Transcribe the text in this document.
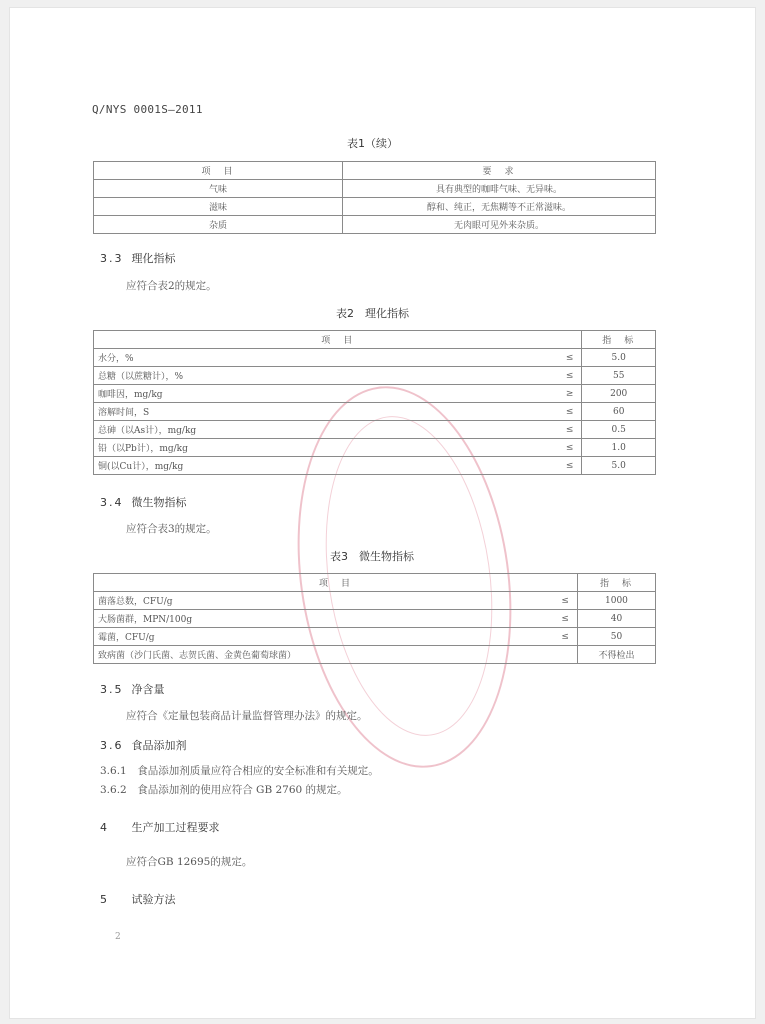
Q/NYS 0001S—2011
表1（续）
项　目	要　求
气味	具有典型的咖啡气味、无异味。
滋味	醇和、纯正，无焦糊等不正常滋味。
杂质	无肉眼可见外来杂质。
3.3 理化指标
应符合表2的规定。
表2　理化指标
项　目		指　标
水分，%	≤	5.0
总糖（以蔗糖计），%	≤	55
咖啡因，mg/kg	≥	200
溶解时间，S	≤	60
总砷（以As计），mg/kg	≤	0.5
铅（以Pb计），mg/kg	≤	1.0
铜(以Cu计），mg/kg	≤	5.0
3.4 微生物指标
应符合表3的规定。
表3　微生物指标
项　目		指　标
菌落总数，CFU/g	≤	1000
大肠菌群，MPN/100g	≤	40
霉菌，CFU/g	≤	50
致病菌（沙门氏菌、志贺氏菌、金黄色葡萄球菌）		不得检出
3.5 净含量
应符合《定量包装商品计量监督管理办法》的规定。
3.6 食品添加剂
3.6.1　食品添加剂质量应符合相应的安全标准和有关规定。
3.6.2　食品添加剂的使用应符合 GB 2760 的规定。
4 生产加工过程要求
应符合GB 12695的规定。
5 试验方法
2
